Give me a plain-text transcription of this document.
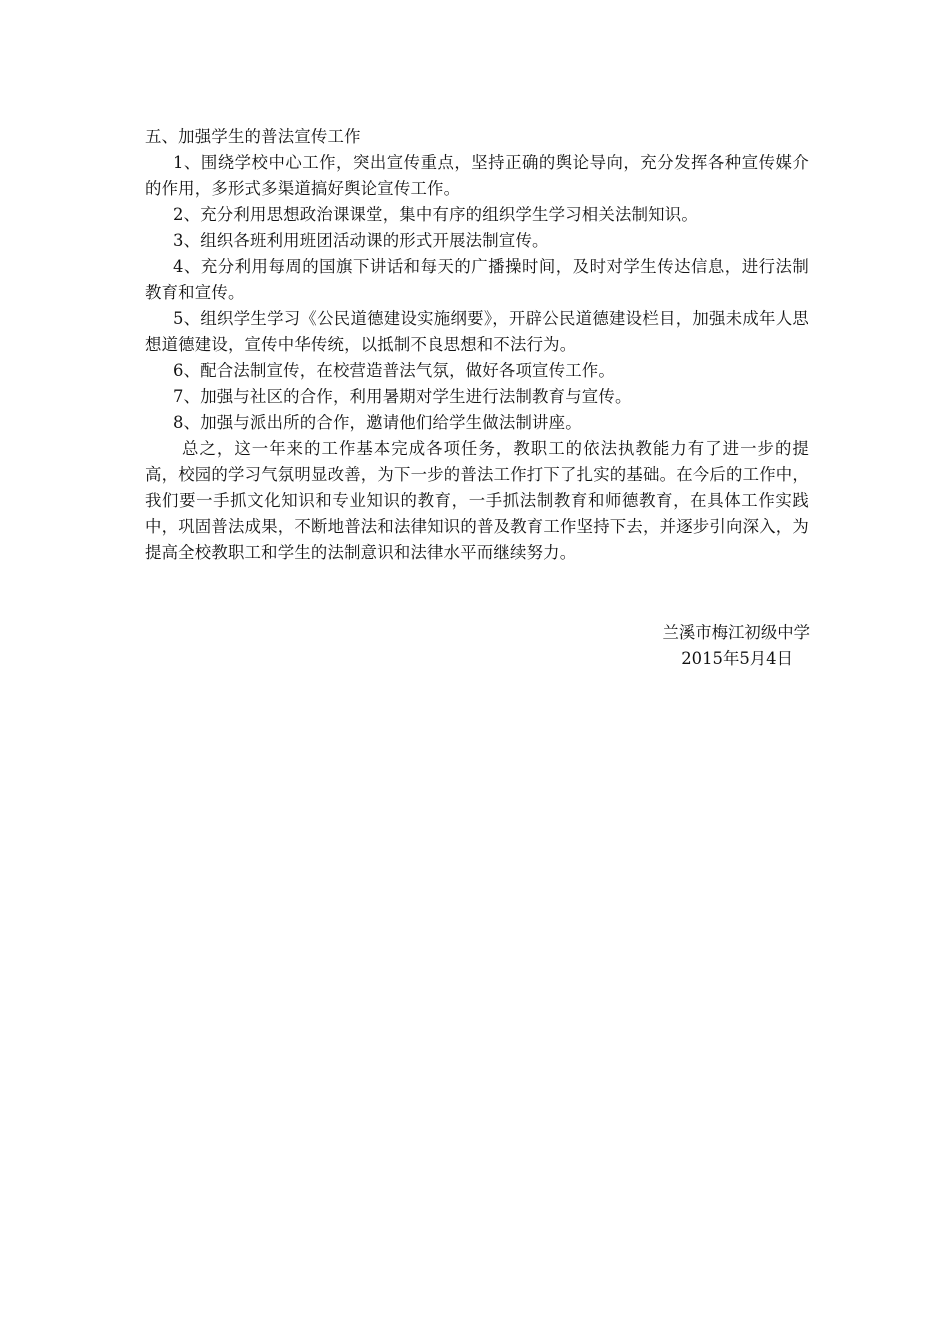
五、加强学生的普法宣传工作

1、围绕学校中心工作，突出宣传重点，坚持正确的舆论导向，充分发挥各种宣传媒介的作用，多形式多渠道搞好舆论宣传工作。

2、充分利用思想政治课课堂，集中有序的组织学生学习相关法制知识。

3、组织各班利用班团活动课的形式开展法制宣传。

4、充分利用每周的国旗下讲话和每天的广播操时间，及时对学生传达信息，进行法制教育和宣传。

5、组织学生学习《公民道德建设实施纲要》，开辟公民道德建设栏目，加强未成年人思想道德建设，宣传中华传统，以抵制不良思想和不法行为。

6、配合法制宣传，在校营造普法气氛，做好各项宣传工作。

7、加强与社区的合作，利用暑期对学生进行法制教育与宣传。

8、加强与派出所的合作，邀请他们给学生做法制讲座。

总之，这一年来的工作基本完成各项任务，教职工的依法执教能力有了进一步的提高，校园的学习气氛明显改善，为下一步的普法工作打下了扎实的基础。在今后的工作中，我们要一手抓文化知识和专业知识的教育，一手抓法制教育和师德教育，在具体工作实践中，巩固普法成果，不断地普法和法律知识的普及教育工作坚持下去，并逐步引向深入，为提高全校教职工和学生的法制意识和法律水平而继续努力。

兰溪市梅江初级中学

2015年5月4日
